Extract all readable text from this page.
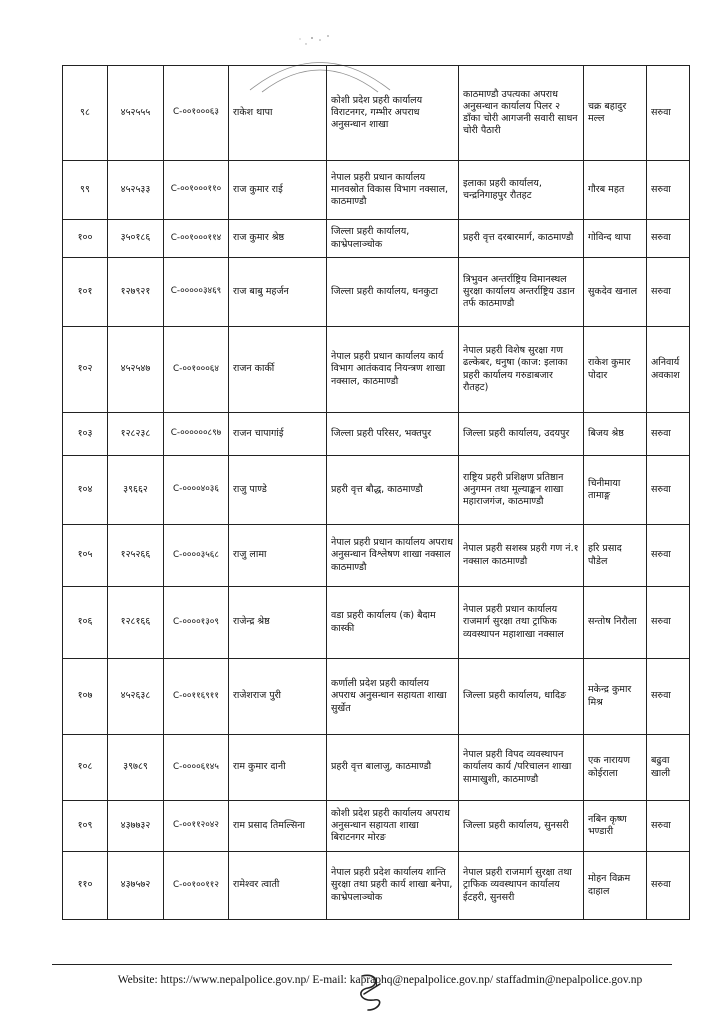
९८	४५२५५५	C-००१०००६३	राकेश थापा	कोशी प्रदेश प्रहरी कार्यालय विराटनगर, गम्भीर अपराध अनुसन्धान शाखा	काठमाण्डौ उपत्यका अपराध अनुसन्धान कार्यालय पिलर २ डाँका चोरी आगजनी सवारी साधन चोरी पैठारी	चक्र बहादुर मल्ल	सरुवा
९९	४५२५३३	C-००१०००११०	राज कुमार राई	नेपाल प्रहरी प्रधान कार्यालय मानवस्रोत विकास विभाग नक्साल, काठमाण्डौ	इलाका प्रहरी कार्यालय, चन्द्रनिगाहपुर रौतहट	गौरब महत	सरुवा
१००	३५०१८६	C-००१०००११४	राज कुमार श्रेष्ठ	जिल्ला प्रहरी कार्यालय, काभ्रेपलाञ्चोक	प्रहरी वृत्त दरबारमार्ग, काठमाण्डौ	गोविन्द थापा	सरुवा
१०१	१२७९२१	C-०००००३४६९	राज बाबु महर्जन	जिल्ला प्रहरी कार्यालय, धनकुटा	त्रिभुवन अन्तर्राष्ट्रिय विमानस्थल सुरक्षा कार्यालय अन्तर्राष्ट्रिय उडान तर्फ काठमाण्डौ	सुकदेव खनाल	सरुवा
१०२	४५२५४७	C-००१०००६४	राजन कार्की	नेपाल प्रहरी प्रधान कार्यालय कार्य विभाग आतंकवाद नियन्त्रण शाखा नक्साल, काठमाण्डौ	नेपाल प्रहरी विशेष सुरक्षा गण ढल्केबर, धनुषा (काज: इलाका प्रहरी कार्यालय गरुडाबजार रौतहट)	राकेश कुमार पोदार	अनिवार्य अवकाश
१०३	१२८२३८	C-००००००८९७	राजन चापागांई	जिल्ला प्रहरी परिसर, भक्तपुर	जिल्ला प्रहरी कार्यालय, उदयपुर	बिजय श्रेष्ठ	सरुवा
१०४	३९६६२	C-००००४०३६	राजु पाण्डे	प्रहरी वृत्त बौद्ध, काठमाण्डौ	राष्ट्रिय प्रहरी प्रशिक्षण प्रतिष्ठान अनुगमन तथा मूल्याङ्कन शाखा महाराजगंज, काठमाण्डौ	चिनीमाया तामाङ्ग	सरुवा
१०५	१२५२६६	C-००००३५६८	राजु लामा	नेपाल प्रहरी प्रधान कार्यालय अपराध अनुसन्धान विश्लेषण शाखा नक्साल काठमाण्डौ	नेपाल प्रहरी सशस्त्र प्रहरी गण नं.१ नक्साल काठमाण्डौ	हरि प्रसाद पौडेल	सरुवा
१०६	१२८१६६	C-००००१३०९	राजेन्द्र श्रेष्ठ	वडा प्रहरी कार्यालय (क) बैदाम कास्की	नेपाल प्रहरी प्रधान कार्यालय राजमार्ग सुरक्षा तथा ट्राफिक व्यवस्थापन महाशाखा नक्साल	सन्तोष निरौला	सरुवा
१०७	४५२६३८	C-००११६९११	राजेशराज पुरी	कर्णाली प्रदेश प्रहरी कार्यालय अपराध अनुसन्धान सहायता शाखा सुर्खेत	जिल्ला प्रहरी कार्यालय, धादिङ	मकेन्द्र कुमार मिश्र	सरुवा
१०८	३९७८९	C-००००६१४५	राम कुमार दानी	प्रहरी वृत्त बालाजु, काठमाण्डौ	नेपाल प्रहरी विपद व्यवस्थापन कार्यालय कार्य /परिचालन शाखा सामाखुशी, काठमाण्डौ	एक नारायण कोईराला	बढुवा खाली
१०९	४३७७३२	C-००११२०४२	राम प्रसाद तिमल्सिना	कोशी प्रदेश प्रहरी कार्यालय अपराध अनुसन्धान सहायता शाखा बिराटनगर मोरङ	जिल्ला प्रहरी कार्यालय, सुनसरी	नबिन कृष्ण भण्डारी	सरुवा
११०	४३७५७२	C-००१००११२	रामेश्वर त्वाती	नेपाल प्रहरी प्रदेश कार्यालय शान्ति सुरक्षा तथा प्रहरी कार्य शाखा बनेपा, काभ्रेपलाञ्चोक	नेपाल प्रहरी राजमार्ग सुरक्षा तथा ट्राफिक व्यवस्थापन कार्यालय ईटहरी, सुनसरी	मोहन विक्रम दाहाल	सरुवा
Website: https://www.nepalpolice.gov.np/ E-mail: kapraphq@nepalpolice.gov.np/ staffadmin@nepalpolice.gov.np
